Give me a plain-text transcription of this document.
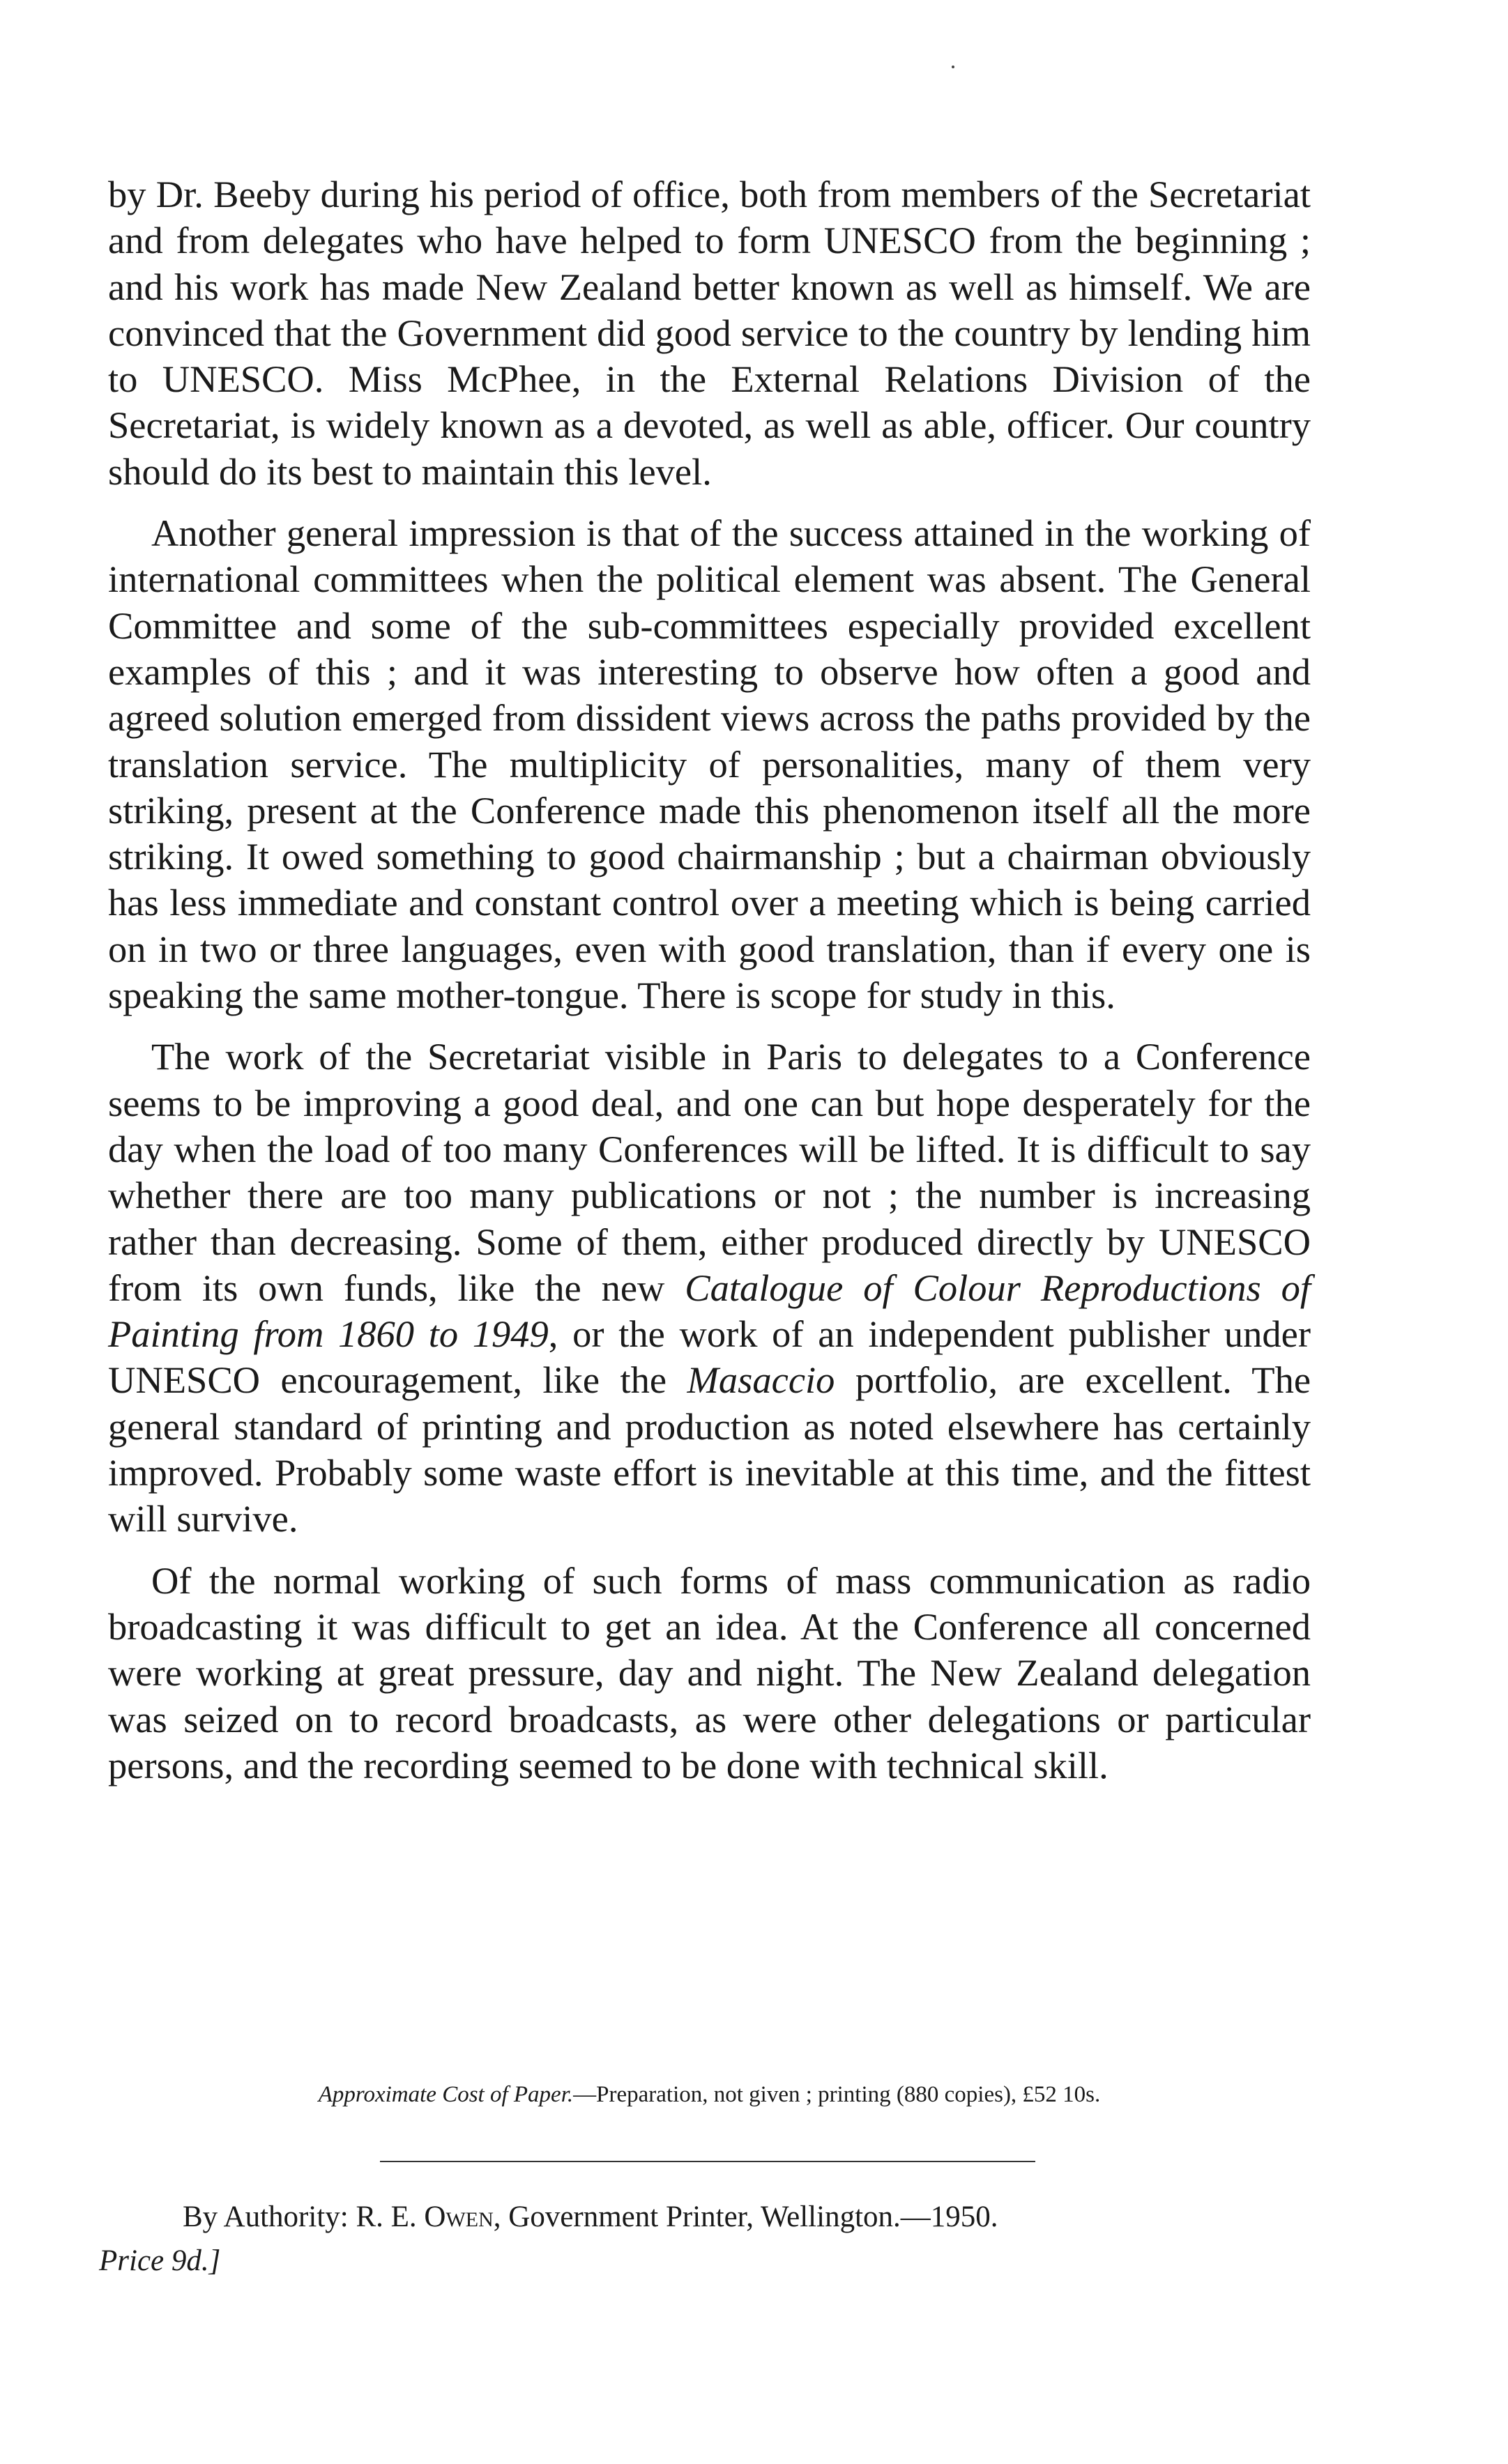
by Dr. Beeby during his period of office, both from members of the Secretariat and from delegates who have helped to form UNESCO from the beginning ; and his work has made New Zealand better known as well as himself. We are convinced that the Government did good service to the country by lending him to UNESCO. Miss McPhee, in the External Relations Division of the Secretariat, is widely known as a devoted, as well as able, officer. Our country should do its best to maintain this level.

Another general impression is that of the success attained in the working of international committees when the political element was absent. The General Committee and some of the sub-committees especially provided excellent examples of this ; and it was interesting to observe how often a good and agreed solution emerged from dissident views across the paths provided by the translation service. The multiplicity of personalities, many of them very striking, present at the Conference made this phenomenon itself all the more striking. It owed something to good chairmanship ; but a chairman obviously has less immediate and constant control over a meeting which is being carried on in two or three languages, even with good translation, than if every one is speaking the same mother-tongue. There is scope for study in this.

The work of the Secretariat visible in Paris to delegates to a Conference seems to be improving a good deal, and one can but hope desperately for the day when the load of too many Conferences will be lifted. It is difficult to say whether there are too many publications or not ; the number is increasing rather than decreasing. Some of them, either produced directly by UNESCO from its own funds, like the new Catalogue of Colour Reproductions of Painting from 1860 to 1949, or the work of an independent publisher under UNESCO encouragement, like the Masaccio portfolio, are excellent. The general standard of printing and production as noted elsewhere has certainly improved. Probably some waste effort is inevitable at this time, and the fittest will survive.

Of the normal working of such forms of mass communication as radio broadcasting it was difficult to get an idea. At the Conference all concerned were working at great pressure, day and night. The New Zealand delegation was seized on to record broadcasts, as were other delegations or particular persons, and the recording seemed to be done with technical skill.

Approximate Cost of Paper.—Preparation, not given ; printing (880 copies), £52 10s.
By Authority: R. E. Owen, Government Printer, Wellington.—1950.
Price 9d.]
